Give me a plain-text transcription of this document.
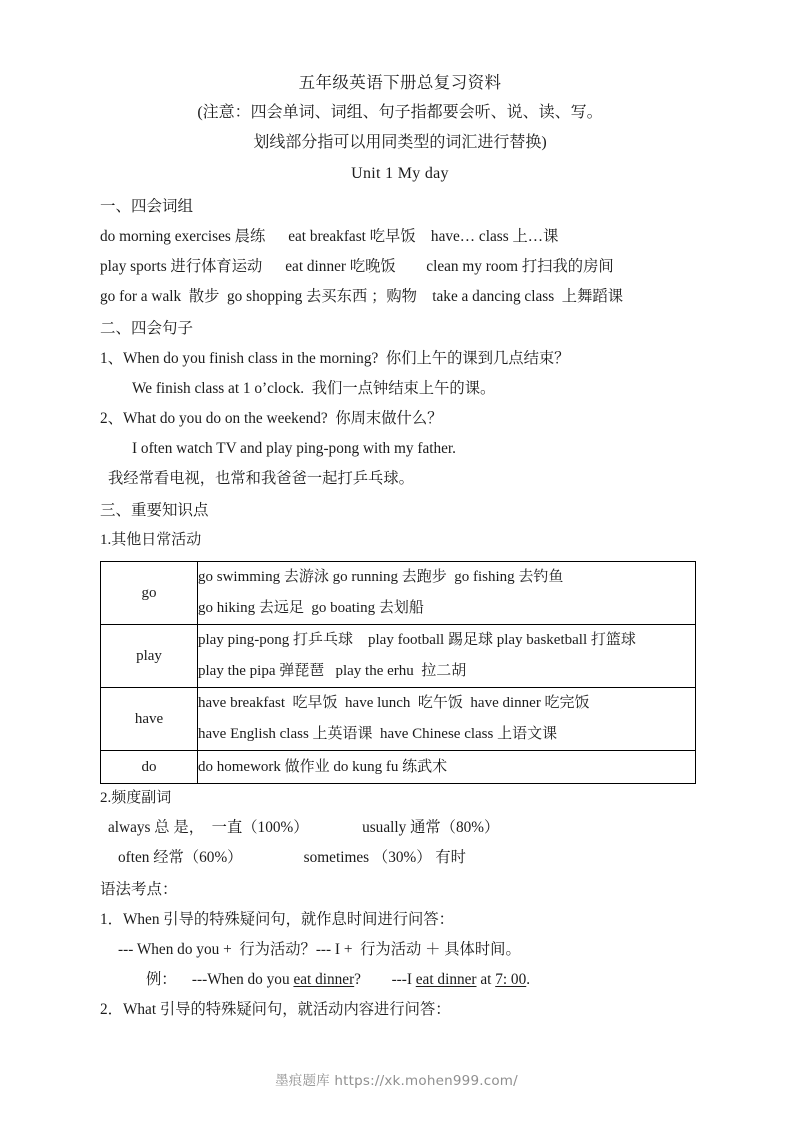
五年级英语下册总复习资料
(注意：四会单词、词组、句子指都要会听、说、读、写。
划线部分指可以用同类型的词汇进行替换)
Unit 1 My day
一、四会词组
do morning exercises 晨练      eat breakfast 吃早饭    have… class 上…课
play sports 进行体育运动      eat dinner 吃晚饭        clean my room 打扫我的房间
go for a walk  散步  go shopping 去买东西 ；购物    take a dancing class  上舞蹈课
二、四会句子
1、When do you finish class in the morning?  你们上午的课到几点结束？
We finish class at 1 o’clock.  我们一点钟结束上午的课。
2、What do you do on the weekend?  你周末做什么？
I often watch TV and play ping-pong with my father.
我经常看电视，也常和我爸爸一起打乒乓球。
三、重要知识点
1.其他日常活动
go	go swimming 去游泳 go running 去跑步  go fishing 去钓鱼
go hiking 去远足  go boating 去划船

play	play ping-pong 打乒乓球    play football 踢足球 play basketball 打篮球
play the pipa 弹琵琶   play the erhu  拉二胡

have	have breakfast  吃早饭  have lunch  吃午饭  have dinner 吃完饭
have English class 上英语课  have Chinese class 上语文课

do	do homework 做作业 do kung fu 练武术
2.频度副词
always 总 是，  一直（100%）              usually 通常（80%）
often 经常（60%）                sometimes （30%） 有时
语法考点：
1．When 引导的特殊疑问句，就作息时间进行问答：
--- When do you +  行为活动？--- I +  行为活动 ＋ 具体时间。
例： ---When do you eat dinner? ---I eat dinner at 7: 00.
2．What 引导的特殊疑问句，就活动内容进行问答：
墨痕题库 https://xk.mohen999.com/
